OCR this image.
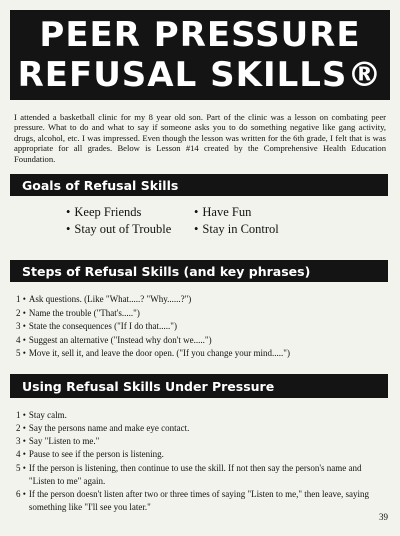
PEER PRESSURE
REFUSAL SKILLS®
I attended a basketball clinic for my 8 year old son. Part of the clinic was a lesson on combating peer pressure. What to do and what to say if someone asks you to do something negative like gang activity, drugs, alcohol, etc. I was impressed. Even though the lesson was written for the 6th grade, I felt that is was appropriate for all grades. Below is Lesson #14 created by the Comprehensive Health Education Foundation.
Goals of Refusal Skills
• Keep Friends	• Have Fun
• Stay out of Trouble	• Stay in Control
Steps of Refusal Skills (and key phrases)
1 • Ask questions. (Like "What.....? "Why......?")
2 • Name the trouble ("That's.....")
3 • State the consequences ("If I do that.....")
4 • Suggest an alternative ("Instead why don't we.....")
5 • Move it, sell it, and leave the door open. ("If you change your mind.....")
Using Refusal Skills Under Pressure
1 • Stay calm.
2 • Say the persons name and make eye contact.
3 • Say "Listen to me."
4 • Pause to see if the person is listening.
5 • If the person is listening, then continue to use the skill. If not then say the person's name and "Listen to me" again.
6 • If the person doesn't listen after two or three times of saying "Listen to me," then leave, saying something like "I'll see you later."
39
